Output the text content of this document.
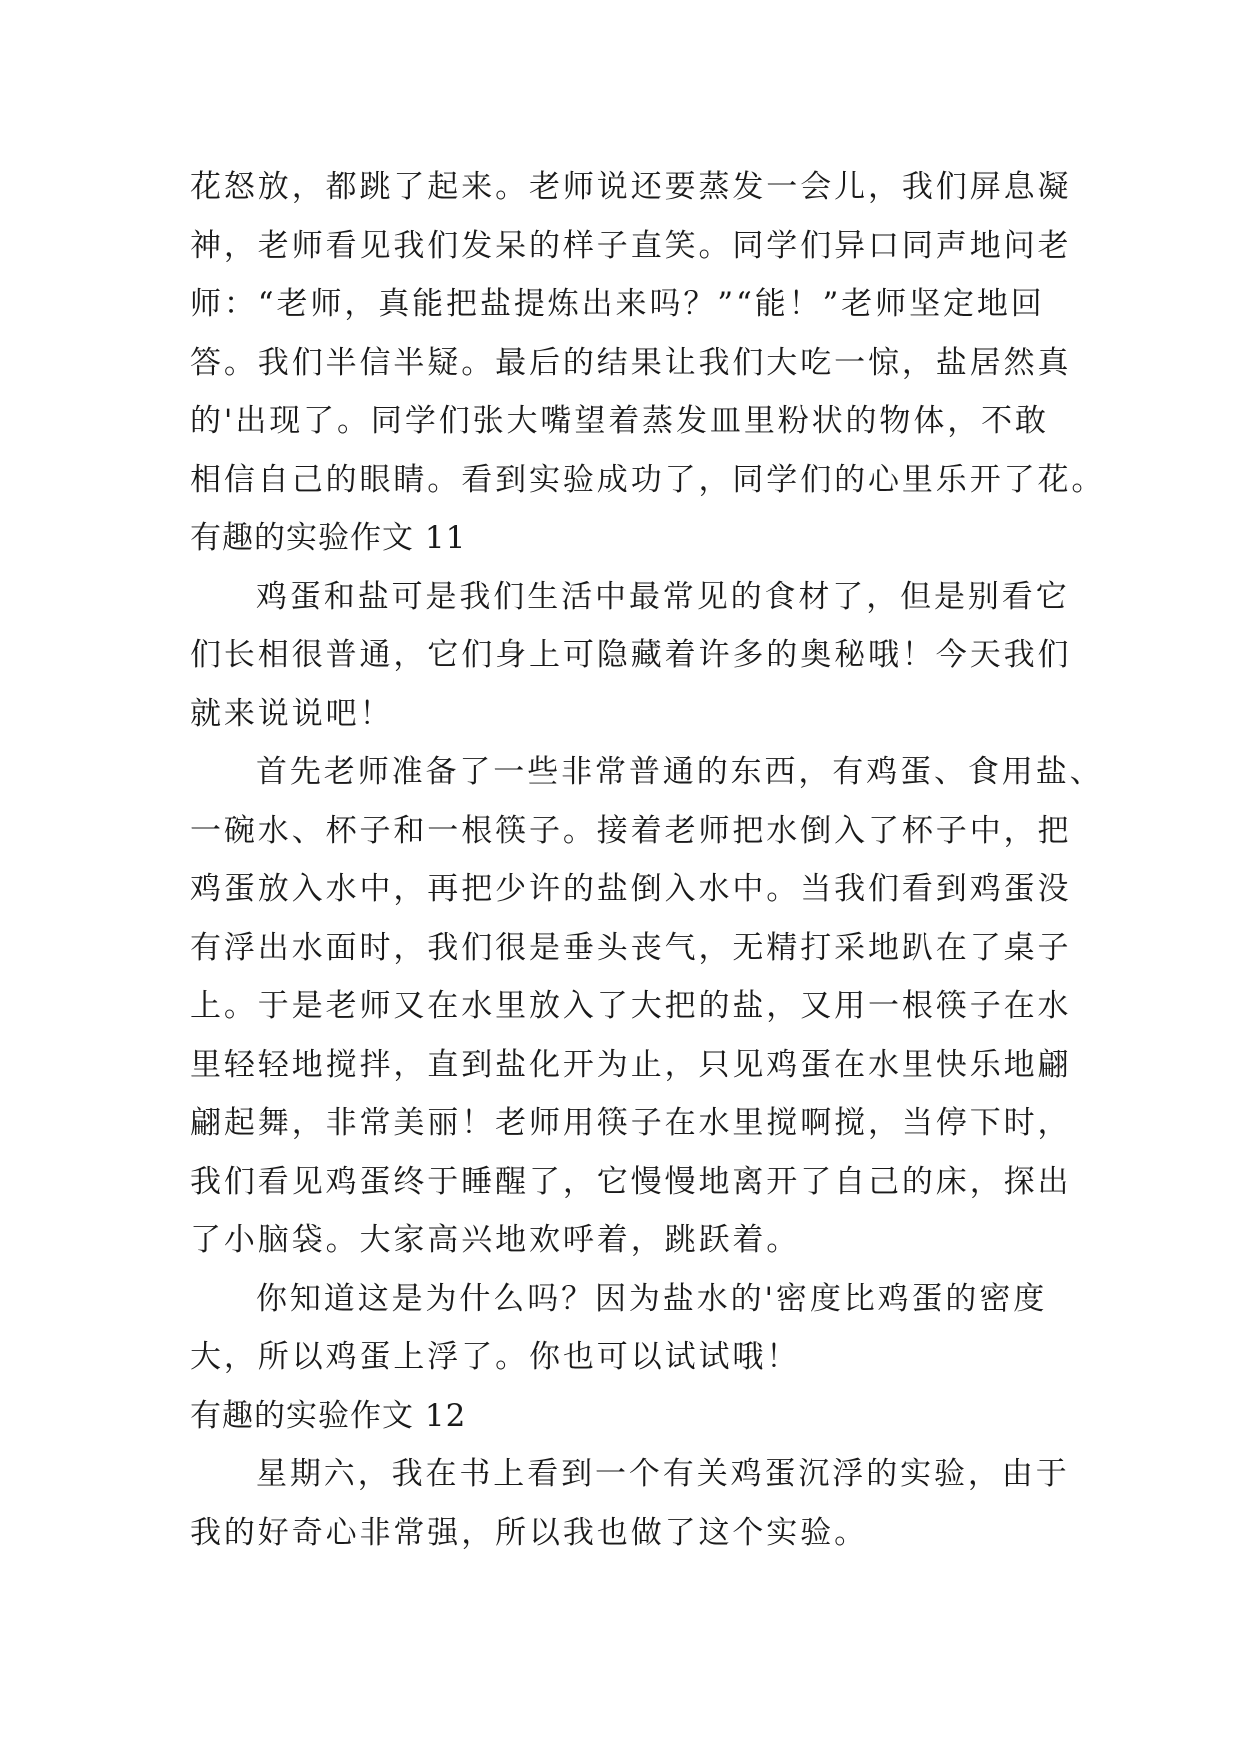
花怒放，都跳了起来。老师说还要蒸发一会儿，我们屏息凝
神，老师看见我们发呆的样子直笑。同学们异口同声地问老
师：“老师，真能把盐提炼出来吗？”“能！”老师坚定地回
答。我们半信半疑。最后的结果让我们大吃一惊，盐居然真
的'出现了。同学们张大嘴望着蒸发皿里粉状的物体，不敢
相信自己的眼睛。看到实验成功了，同学们的心里乐开了花。
有趣的实验作文 11
鸡蛋和盐可是我们生活中最常见的食材了，但是别看它
们长相很普通，它们身上可隐藏着许多的奥秘哦！今天我们
就来说说吧！
首先老师准备了一些非常普通的东西，有鸡蛋、食用盐、
一碗水、杯子和一根筷子。接着老师把水倒入了杯子中，把
鸡蛋放入水中，再把少许的盐倒入水中。当我们看到鸡蛋没
有浮出水面时，我们很是垂头丧气，无精打采地趴在了桌子
上。于是老师又在水里放入了大把的盐，又用一根筷子在水
里轻轻地搅拌，直到盐化开为止，只见鸡蛋在水里快乐地翩
翩起舞，非常美丽！老师用筷子在水里搅啊搅，当停下时，
我们看见鸡蛋终于睡醒了，它慢慢地离开了自己的床，探出
了小脑袋。大家高兴地欢呼着，跳跃着。
你知道这是为什么吗？因为盐水的'密度比鸡蛋的密度
大，所以鸡蛋上浮了。你也可以试试哦！
有趣的实验作文 12
星期六，我在书上看到一个有关鸡蛋沉浮的实验，由于
我的好奇心非常强，所以我也做了这个实验。
